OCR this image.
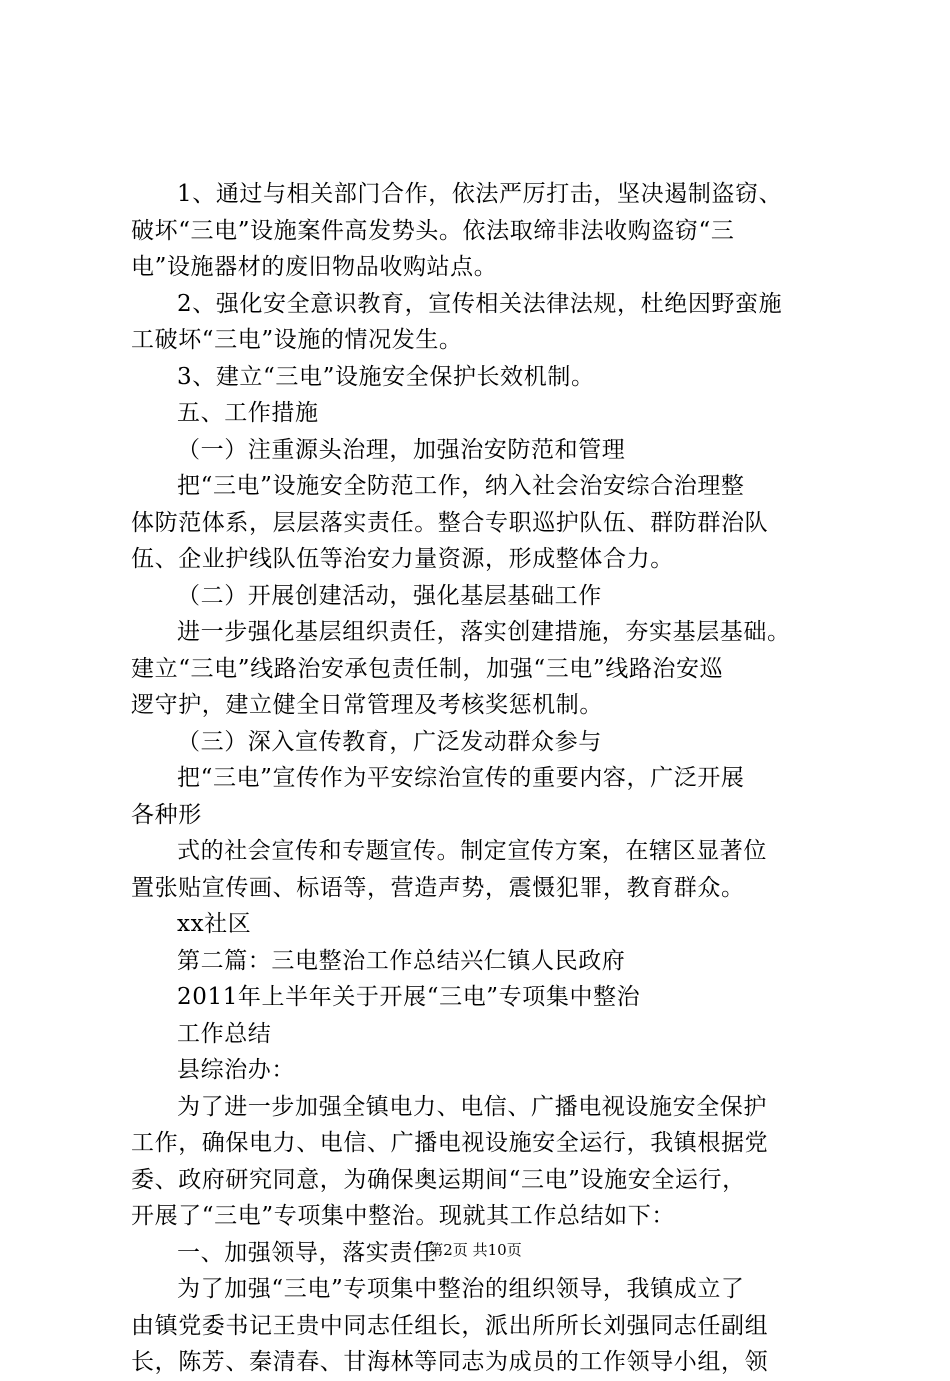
1、通过与相关部门合作，依法严厉打击，坚决遏制盗窃、
破坏“三电”设施案件高发势头。依法取缔非法收购盗窃“三
电”设施器材的废旧物品收购站点。
2、强化安全意识教育，宣传相关法律法规，杜绝因野蛮施
工破坏“三电”设施的情况发生。
3、建立“三电”设施安全保护长效机制。
五、工作措施
（一）注重源头治理，加强治安防范和管理
把“三电”设施安全防范工作，纳入社会治安综合治理整
体防范体系，层层落实责任。整合专职巡护队伍、群防群治队
伍、企业护线队伍等治安力量资源，形成整体合力。
（二）开展创建活动，强化基层基础工作
进一步强化基层组织责任，落实创建措施，夯实基层基础。
建立“三电”线路治安承包责任制，加强“三电”线路治安巡
逻守护，建立健全日常管理及考核奖惩机制。
（三）深入宣传教育，广泛发动群众参与
把“三电”宣传作为平安综治宣传的重要内容，广泛开展
各种形
式的社会宣传和专题宣传。制定宣传方案，在辖区显著位
置张贴宣传画、标语等，营造声势，震慑犯罪，教育群众。
xx社区
第二篇：三电整治工作总结兴仁镇人民政府
2011年上半年关于开展“三电”专项集中整治
工作总结
县综治办：
为了进一步加强全镇电力、电信、广播电视设施安全保护
工作，确保电力、电信、广播电视设施安全运行，我镇根据党
委、政府研究同意，为确保奥运期间“三电”设施安全运行，
开展了“三电”专项集中整治。现就其工作总结如下：
一、加强领导，落实责任
为了加强“三电”专项集中整治的组织领导，我镇成立了
由镇党委书记王贵中同志任组长，派出所所长刘强同志任副组
长，陈芳、秦清春、甘海林等同志为成员的工作领导小组，领
第2页 共10页
